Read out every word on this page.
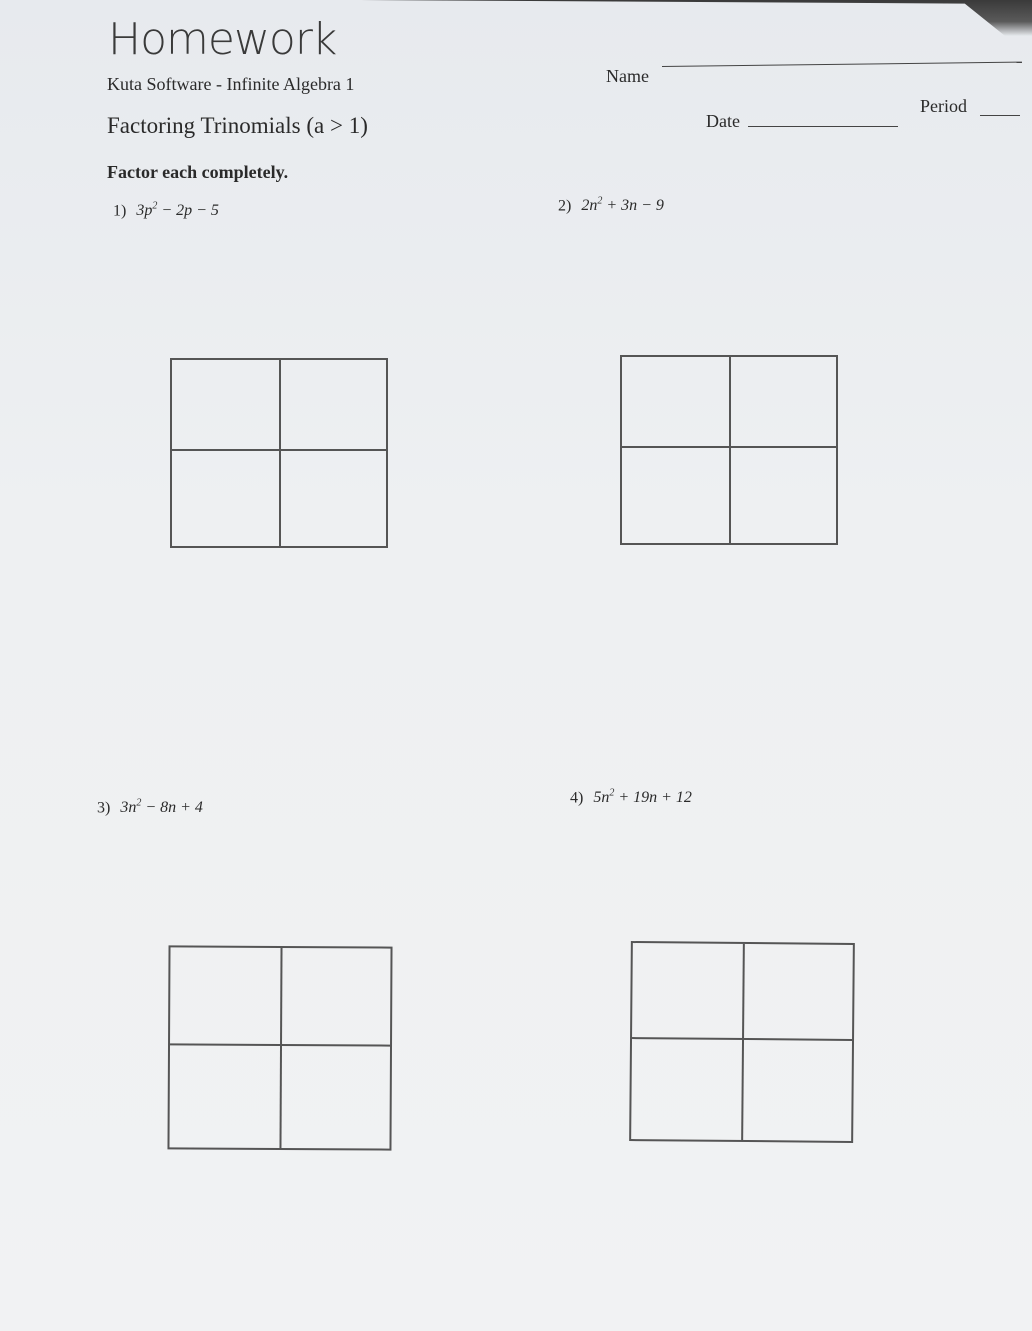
Homework
Kuta Software - Infinite Algebra 1
Factoring Trinomials (a > 1)
Name
Date
Period
Factor each completely.
1) $3p^2 - 2p - 5$	2) $2n^2 + 3n - 9$
3) $3n^2 - 8n + 4$
4) $5n^2 + 19n + 12$
